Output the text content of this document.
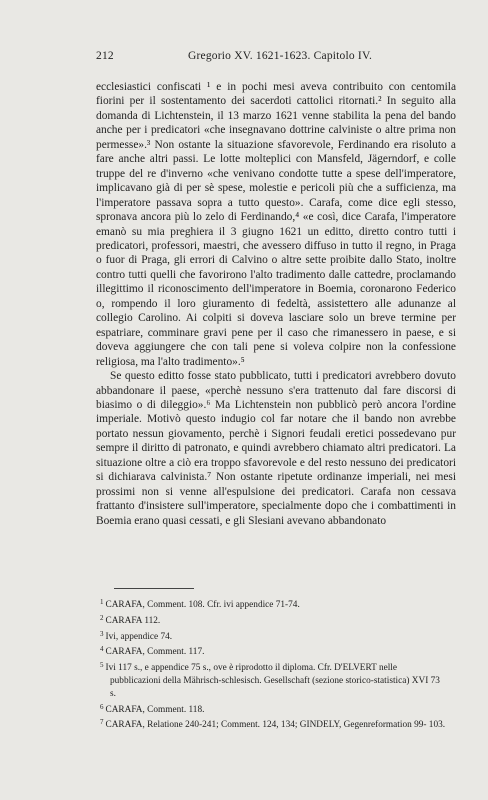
212	Gregorio XV. 1621-1623. Capitolo IV.

ecclesiastici confiscati ¹ e in pochi mesi aveva contribuito con centomila fiorini per il sostentamento dei sacerdoti cattolici ritornati.² In seguito alla domanda di Lichtenstein, il 13 marzo 1621 venne stabilita la pena del bando anche per i predicatori «che insegnavano dottrine calviniste o altre prima non permesse».³ Non ostante la situazione sfavorevole, Ferdinando era risoluto a fare anche altri passi. Le lotte molteplici con Mansfeld, Jägerndorf, e colle truppe del re d'inverno «che venivano condotte tutte a spese dell'imperatore, implicavano già di per sè spese, molestie e pericoli più che a sufficienza, ma l'imperatore passava sopra a tutto questo». Carafa, come dice egli stesso, spronava ancora più lo zelo di Ferdinando,⁴ «e così, dice Carafa, l'imperatore emanò su mia preghiera il 3 giugno 1621 un editto, diretto contro tutti i predicatori, professori, maestri, che avessero diffuso in tutto il regno, in Praga o fuor di Praga, gli errori di Calvino o altre sette proibite dallo Stato, inoltre contro tutti quelli che favorirono l'alto tradimento dalle cattedre, proclamando illegittimo il riconoscimento dell'imperatore in Boemia, coronarono Federico o, rompendo il loro giuramento di fedeltà, assistettero alle adunanze al collegio Carolino. Ai colpiti si doveva lasciare solo un breve termine per espatriare, comminare gravi pene per il caso che rimanessero in paese, e si doveva aggiungere che con tali pene si voleva colpire non la confessione religiosa, ma l'alto tradimento».⁵

Se questo editto fosse stato pubblicato, tutti i predicatori avrebbero dovuto abbandonare il paese, «perchè nessuno s'era trattenuto dal fare discorsi di biasimo o di dileggio».⁶ Ma Lichtenstein non pubblicò però ancora l'ordine imperiale. Motivò questo indugio col far notare che il bando non avrebbe portato nessun giovamento, perchè i Signori feudali eretici possedevano pur sempre il diritto di patronato, e quindi avrebbero chiamato altri predicatori. La situazione oltre a ciò era troppo sfavorevole e del resto nessuno dei predicatori si dichiarava calvinista.⁷ Non ostante ripetute ordinanze imperiali, nei mesi prossimi non si venne all'espulsione dei predicatori. Carafa non cessava frattanto d'insistere sull'imperatore, specialmente dopo che i combattimenti in Boemia erano quasi cessati, e gli Slesiani avevano abbandonato

$^1$ CARAFA, Comment. 108. Cfr. ivi appendice 71-74.

$^2$ CARAFA 112.

$^3$ Ivi, appendice 74.

$^4$ CARAFA, Comment. 117.

$^5$ Ivi 117 s., e appendice 75 s., ove è riprodotto il diploma. Cfr. D'ELVERT nelle pubblicazioni della Mährisch-schlesisch. Gesellschaft (sezione storico-statistica) XVI 73 s.

$^6$ CARAFA, Comment. 118.

$^7$ CARAFA, Relatione 240-241; Comment. 124, 134; GINDELY, Gegenreformation 99- 103.
